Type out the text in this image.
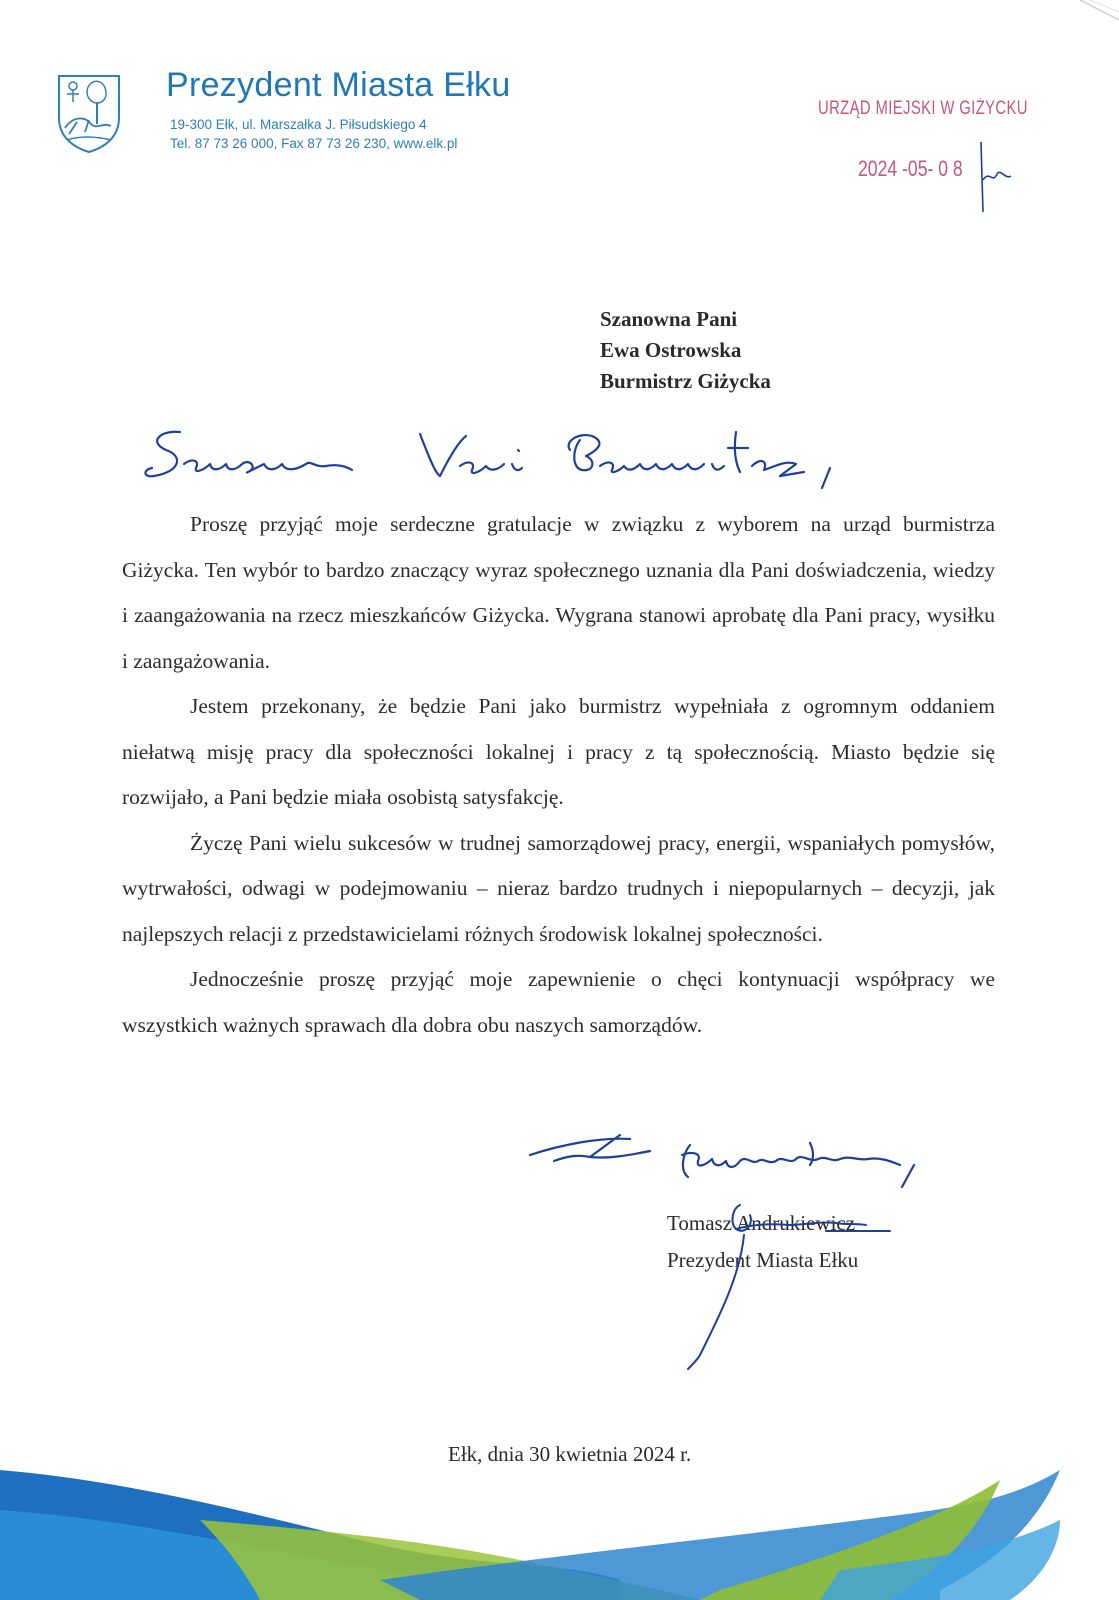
Prezydent Miasta Ełku
19-300 Ełk, ul. Marszałka J. Piłsudskiego 4
Tel. 87 73 26 000, Fax 87 73 26 230, www.elk.pl
URZĄD MIEJSKI W GIŻYCKU
2024 -05- 0 8
Szanowna Pani
Ewa Ostrowska
Burmistrz Giżycka

Proszę przyjąć moje serdeczne gratulacje w związku z wyborem na urząd burmistrza Giżycka. Ten wybór to bardzo znaczący wyraz społecznego uznania dla Pani doświadczenia, wiedzy i zaangażowania na rzecz mieszkańców Giżycka. Wygrana stanowi aprobatę dla Pani pracy, wysiłku i zaangażowania.

Jestem przekonany, że będzie Pani jako burmistrz wypełniała z ogromnym oddaniem niełatwą misję pracy dla społeczności lokalnej i pracy z tą społecznością. Miasto będzie się rozwijało, a Pani będzie miała osobistą satysfakcję.

Życzę Pani wielu sukcesów w trudnej samorządowej pracy, energii, wspaniałych pomysłów, wytrwałości, odwagi w podejmowaniu – nieraz bardzo trudnych i niepopularnych – decyzji, jak najlepszych relacji z przedstawicielami różnych środowisk lokalnej społeczności.

Jednocześnie proszę przyjąć moje zapewnienie o chęci kontynuacji współpracy we wszystkich ważnych sprawach dla dobra obu naszych samorządów.

Tomasz Andrukiewicz
Prezydent Miasta Ełku
Ełk, dnia 30 kwietnia 2024 r.
